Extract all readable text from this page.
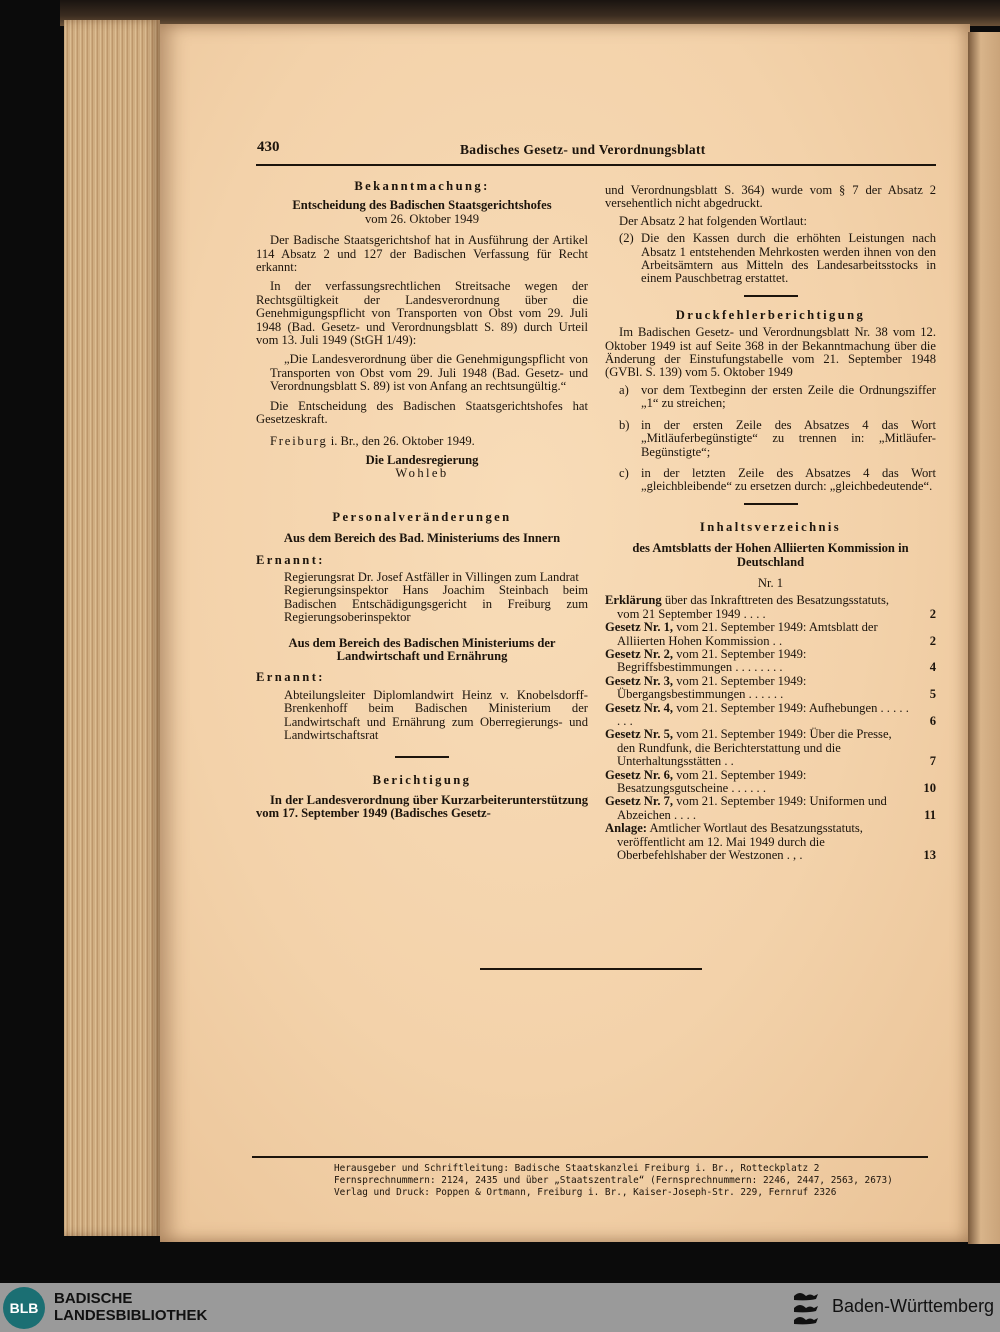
430	Badisches Gesetz- und Verordnungsblatt

Bekanntmachung:

Entscheidung des Badischen Staatsgerichtshofes

vom 26. Oktober 1949

Der Badische Staatsgerichtshof hat in Ausführung der Artikel 114 Absatz 2 und 127 der Badischen Verfassung für Recht erkannt:

In der verfassungsrechtlichen Streitsache wegen der Rechtsgültigkeit der Landesverordnung über die Genehmigungspflicht von Transporten von Obst vom 29. Juli 1948 (Bad. Gesetz- und Verordnungsblatt S. 89) durch Urteil vom 13. Juli 1949 (StGH 1/49):

„Die Landesverordnung über die Genehmigungspflicht von Transporten von Obst vom 29. Juli 1948 (Bad. Gesetz- und Verordnungsblatt S. 89) ist von Anfang an rechtsungültig.“

Die Entscheidung des Badischen Staatsgerichtshofes hat Gesetzeskraft.

Freiburg i. Br., den 26. Oktober 1949.

Die Landesregierung

Wohleb

Personalveränderungen

Aus dem Bereich des Bad. Ministeriums des Innern

Ernannt:

Regierungsrat Dr. Josef Astfäller in Villingen zum Landrat

Regierungsinspektor Hans Joachim Steinbach beim Badischen Entschädigungsgericht in Freiburg zum Regierungsoberinspektor

Aus dem Bereich des Badischen Ministeriums der Landwirtschaft und Ernährung

Ernannt:

Abteilungsleiter Diplomlandwirt Heinz v. Knobelsdorff-Brenkenhoff beim Badischen Ministerium der Landwirtschaft und Ernährung zum Oberregierungs- und Landwirtschaftsrat

Berichtigung

In der Landesverordnung über Kurzarbeiterunterstützung vom 17. September 1949 (Badisches Gesetz-

und Verordnungsblatt S. 364) wurde vom § 7 der Absatz 2 versehentlich nicht abgedruckt.

Der Absatz 2 hat folgenden Wortlaut:

(2) Die den Kassen durch die erhöhten Leistungen nach Absatz 1 entstehenden Mehrkosten werden ihnen von den Arbeitsämtern aus Mitteln des Landesarbeitsstocks in einem Pauschbetrag erstattet.

Druckfehlerberichtigung

Im Badischen Gesetz- und Verordnungsblatt Nr. 38 vom 12. Oktober 1949 ist auf Seite 368 in der Bekanntmachung über die Änderung der Einstufungstabelle vom 21. September 1948 (GVBl. S. 139) vom 5. Oktober 1949

a) vor dem Textbeginn der ersten Zeile die Ordnungsziffer „1“ zu streichen;
b) in der ersten Zeile des Absatzes 4 das Wort „Mitläuferbegünstigte“ zu trennen in: „Mitläufer-Begünstigte“;
c) in der letzten Zeile des Absatzes 4 das Wort „gleichbleibende“ zu ersetzen durch: „gleichbedeutende“.

Inhaltsverzeichnis

des Amtsblatts der Hohen Alliierten Kommission in Deutschland

Nr. 1

Erklärung über das Inkrafttreten des Besatzungsstatuts, vom 21 September 1949 . . . .	2
Gesetz Nr. 1, vom 21. September 1949: Amtsblatt der Alliierten Hohen Kommission . .	2
Gesetz Nr. 2, vom 21. September 1949: Begriffsbestimmungen . . . . . . . .	4
Gesetz Nr. 3, vom 21. September 1949: Übergangsbestimmungen . . . . . .	5
Gesetz Nr. 4, vom 21. September 1949: Aufhebungen . . . . . . . .	6
Gesetz Nr. 5, vom 21. September 1949: Über die Presse, den Rundfunk, die Berichterstattung und die Unterhaltungsstätten . .	7
Gesetz Nr. 6, vom 21. September 1949: Besatzungsgutscheine . . . . . .	10
Gesetz Nr. 7, vom 21. September 1949: Uniformen und Abzeichen . . . .	11
Anlage: Amtlicher Wortlaut des Besatzungsstatuts, veröffentlicht am 12. Mai 1949 durch die Oberbefehlshaber der Westzonen . , .	13
Herausgeber und Schriftleitung: Badische Staatskanzlei Freiburg i. Br., Rotteckplatz 2
Fernsprechnummern: 2124, 2435 und über „Staatszentrale“ (Fernsprechnummern: 2246, 2447, 2563, 2673)
Verlag und Druck: Poppen & Ortmann, Freiburg i. Br., Kaiser-Joseph-Str. 229, Fernruf 2326
BLB
BADISCHE
LANDESBIBLIOTHEK	Baden-Württemberg
